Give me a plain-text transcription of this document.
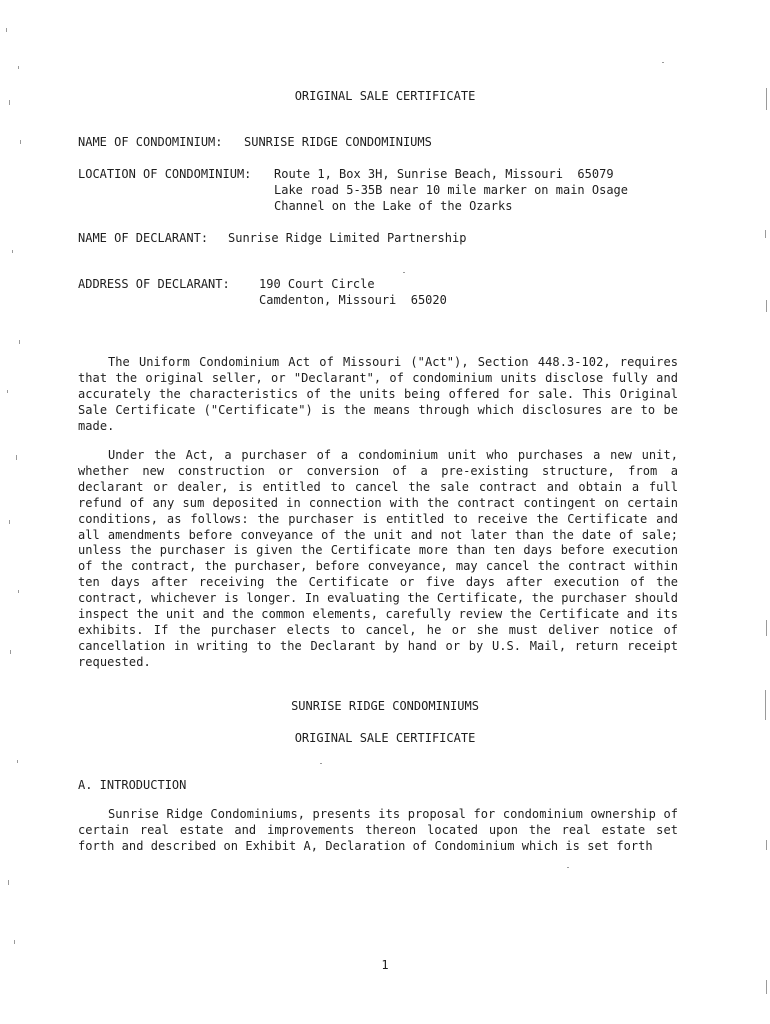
ORIGINAL SALE CERTIFICATE
NAME OF CONDOMINIUM: SUNRISE RIDGE CONDOMINIUMS
LOCATION OF CONDOMINIUM: Route 1, Box 3H, Sunrise Beach, Missouri  65079
Lake road 5-35B near 10 mile marker on main Osage
Channel on the Lake of the Ozarks
NAME OF DECLARANT: Sunrise Ridge Limited Partnership
ADDRESS OF DECLARANT: 190 Court Circle
Camdenton, Missouri  65020
The Uniform Condominium Act of Missouri ("Act"), Section 448.3-102, requires that the original seller, or "Declarant", of condominium units disclose fully and accurately the characteristics of the units being offered for sale. This Original Sale Certificate ("Certificate") is the means through which disclosures are to be made.
Under the Act, a purchaser of a condominium unit who purchases a new unit, whether new construction or conversion of a pre-existing structure, from a declarant or dealer, is entitled to cancel the sale contract and obtain a full refund of any sum deposited in connection with the contract contingent on certain conditions, as follows: the purchaser is entitled to receive the Certificate and all amendments before conveyance of the unit and not later than the date of sale; unless the purchaser is given the Certificate more than ten days before execution of the contract, the purchaser, before conveyance, may cancel the contract within ten days after receiving the Certificate or five days after execution of the contract, whichever is longer. In evaluating the Certificate, the purchaser should inspect the unit and the common elements, carefully review the Certificate and its exhibits. If the purchaser elects to cancel, he or she must deliver notice of cancellation in writing to the Declarant by hand or by U.S. Mail, return receipt requested.
SUNRISE RIDGE CONDOMINIUMS
ORIGINAL SALE CERTIFICATE
A. INTRODUCTION
Sunrise Ridge Condominiums, presents its proposal for condominium ownership of certain real estate and improvements thereon located upon the real estate set forth and described on Exhibit A, Declaration of Condominium which is set forth
1
